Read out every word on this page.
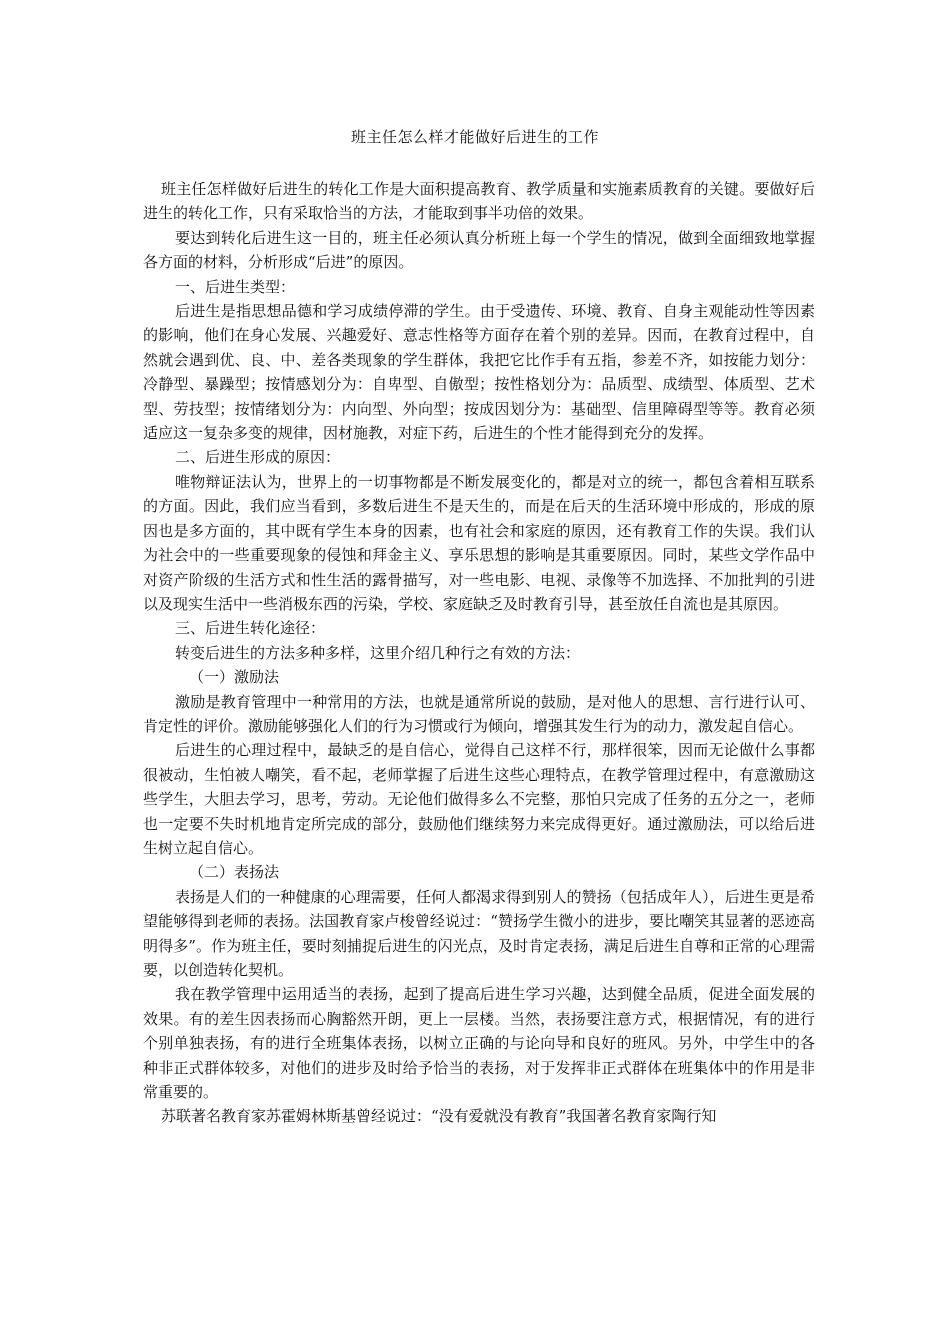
班主任怎么样才能做好后进生的工作

班主任怎样做好后进生的转化工作是大面积提高教育、教学质量和实施素质教育的关键。要做好后进生的转化工作，只有采取恰当的方法，才能取到事半功倍的效果。

要达到转化后进生这一目的，班主任必须认真分析班上每一个学生的情况，做到全面细致地掌握各方面的材料，分析形成“后进”的原因。

一、后进生类型：

后进生是指思想品德和学习成绩停滞的学生。由于受遗传、环境、教育、自身主观能动性等因素的影响，他们在身心发展、兴趣爱好、意志性格等方面存在着个别的差异。因而，在教育过程中，自然就会遇到优、良、中、差各类现象的学生群体，我把它比作手有五指，参差不齐，如按能力划分：冷静型、暴躁型；按情感划分为：自卑型、自傲型；按性格划分为：品质型、成绩型、体质型、艺术型、劳技型；按情绪划分为：内向型、外向型；按成因划分为：基础型、信里障碍型等等。教育必须适应这一复杂多变的规律，因材施教，对症下药，后进生的个性才能得到充分的发挥。

二、后进生形成的原因：

唯物辩证法认为，世界上的一切事物都是不断发展变化的，都是对立的统一，都包含着相互联系的方面。因此，我们应当看到，多数后进生不是天生的，而是在后天的生活环境中形成的，形成的原因也是多方面的，其中既有学生本身的因素，也有社会和家庭的原因，还有教育工作的失误。我们认为社会中的一些重要现象的侵蚀和拜金主义、享乐思想的影响是其重要原因。同时，某些文学作品中对资产阶级的生活方式和性生活的露骨描写，对一些电影、电视、录像等不加选择、不加批判的引进以及现实生活中一些消极东西的污染，学校、家庭缺乏及时教育引导，甚至放任自流也是其原因。

三、后进生转化途径：

转变后进生的方法多种多样，这里介绍几种行之有效的方法：

（一）激励法

激励是教育管理中一种常用的方法，也就是通常所说的鼓励，是对他人的思想、言行进行认可、肯定性的评价。激励能够强化人们的行为习惯或行为倾向，增强其发生行为的动力，激发起自信心。

后进生的心理过程中，最缺乏的是自信心，觉得自己这样不行，那样很笨，因而无论做什么事都很被动，生怕被人嘲笑，看不起，老师掌握了后进生这些心理特点，在教学管理过程中，有意激励这些学生，大胆去学习，思考，劳动。无论他们做得多么不完整，那怕只完成了任务的五分之一，老师也一定要不失时机地肯定所完成的部分，鼓励他们继续努力来完成得更好。通过激励法，可以给后进生树立起自信心。

（二）表扬法

表扬是人们的一种健康的心理需要，任何人都渴求得到别人的赞扬（包括成年人），后进生更是希望能够得到老师的表扬。法国教育家卢梭曾经说过：“赞扬学生微小的进步，要比嘲笑其显著的恶迹高明得多”。作为班主任，要时刻捕捉后进生的闪光点，及时肯定表扬，满足后进生自尊和正常的心理需要，以创造转化契机。

我在教学管理中运用适当的表扬，起到了提高后进生学习兴趣，达到健全品质，促进全面发展的效果。有的差生因表扬而心胸豁然开朗，更上一层楼。当然，表扬要注意方式，根据情况，有的进行个别单独表扬，有的进行全班集体表扬，以树立正确的与论向导和良好的班风。另外，中学生中的各种非正式群体较多，对他们的进步及时给予恰当的表扬，对于发挥非正式群体在班集体中的作用是非常重要的。

苏联著名教育家苏霍姆林斯基曾经说过：“没有爱就没有教育”我国著名教育家陶行知
